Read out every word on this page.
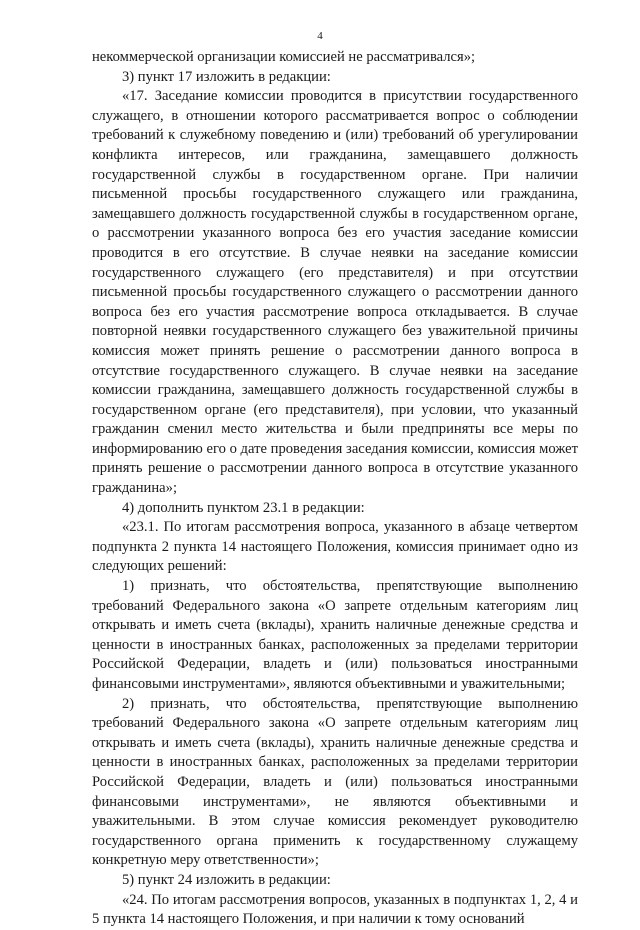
4

некоммерческой организации комиссией не рассматривался»;

3) пункт 17 изложить в редакции:

«17. Заседание комиссии проводится в присутствии государственного служащего, в отношении которого рассматривается вопрос о соблюдении требований к служебному поведению и (или) требований об урегулировании конфликта интересов, или гражданина, замещавшего должность государственной службы в государственном органе. При наличии письменной просьбы государственного служащего или гражданина, замещавшего должность государственной службы в государственном органе, о рассмотрении указанного вопроса без его участия заседание комиссии проводится в его отсутствие. В случае неявки на заседание комиссии государственного служащего (его представителя) и при отсутствии письменной просьбы государственного служащего о рассмотрении данного вопроса без его участия рассмотрение вопроса откладывается. В случае повторной неявки государственного служащего без уважительной причины комиссия может принять решение о рассмотрении данного вопроса в отсутствие государственного служащего. В случае неявки на заседание комиссии гражданина, замещавшего должность государственной службы в государственном органе (его представителя), при условии, что указанный гражданин сменил место жительства и были предприняты все меры по информированию его о дате проведения заседания комиссии, комиссия может принять решение о рассмотрении данного вопроса в отсутствие указанного гражданина»;

4) дополнить пунктом 23.1 в редакции:

«23.1. По итогам рассмотрения вопроса, указанного в абзаце четвертом подпункта 2 пункта 14 настоящего Положения, комиссия принимает одно из следующих решений:

1) признать, что обстоятельства, препятствующие выполнению требований Федерального закона «О запрете отдельным категориям лиц открывать и иметь счета (вклады), хранить наличные денежные средства и ценности в иностранных банках, расположенных за пределами территории Российской Федерации, владеть и (или) пользоваться иностранными финансовыми инструментами», являются объективными и уважительными;

2) признать, что обстоятельства, препятствующие выполнению требований Федерального закона «О запрете отдельным категориям лиц открывать и иметь счета (вклады), хранить наличные денежные средства и ценности в иностранных банках, расположенных за пределами территории Российской Федерации, владеть и (или) пользоваться иностранными финансовыми инструментами», не являются объективными и уважительными. В этом случае комиссия рекомендует руководителю государственного органа применить к государственному служащему конкретную меру ответственности»;

5) пункт 24 изложить в редакции:

«24. По итогам рассмотрения вопросов, указанных в подпунктах 1, 2, 4 и 5 пункта 14 настоящего Положения, и при наличии к тому оснований
